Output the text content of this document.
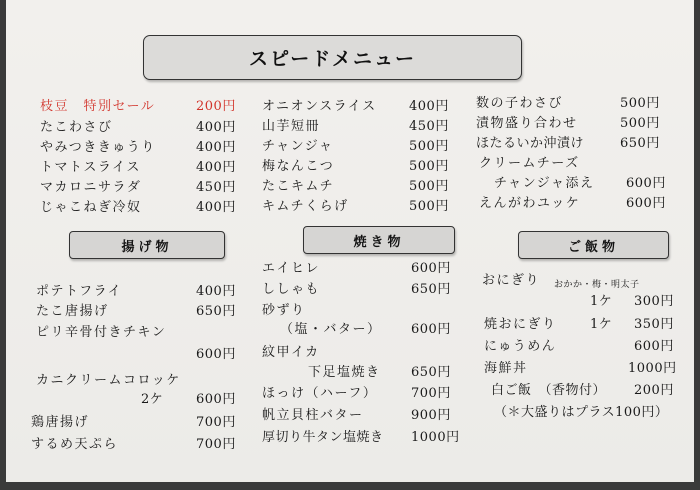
スピードメニュー
枝豆　特別セール	200円
たこわさび	400円
やみつききゅうり	400円
トマトスライス	400円
マカロニサラダ	450円
じゃこねぎ冷奴	400円
揚げ物
ポテトフライ	400円
たこ唐揚げ	650円
ピリ辛骨付きチキン
600円
カニクリームコロッケ
2ケ	600円
鶏唐揚げ	700円
するめ天ぷら	700円
オニオンスライス 400円
山芋短冊	450円
チャンジャ	500円
梅なんこつ	500円
たこキムチ	500円
キムチくらげ	500円
焼き物
エイヒレ	600円
ししゃも	650円
砂ずり
（塩・バター） 600円
紋甲イカ
下足塩焼き 650円
ほっけ（ハーフ）	700円
帆立貝柱バター	900円
厚切り牛タン塩焼き 1000円
数の子わさび	500円
漬物盛り合わせ	500円
ほたるいか沖漬け	650円
クリームチーズ
チャンジャ添え 600円
えんがわユッケ	600円
ご飯物
おにぎり おかか・梅・明太子
1ケ 300円
焼おにぎり	1ケ 350円
にゅうめん	600円
海鮮丼	1000円
白ご飯　（香物付） 200円
（＊大盛りはプラス100円）
